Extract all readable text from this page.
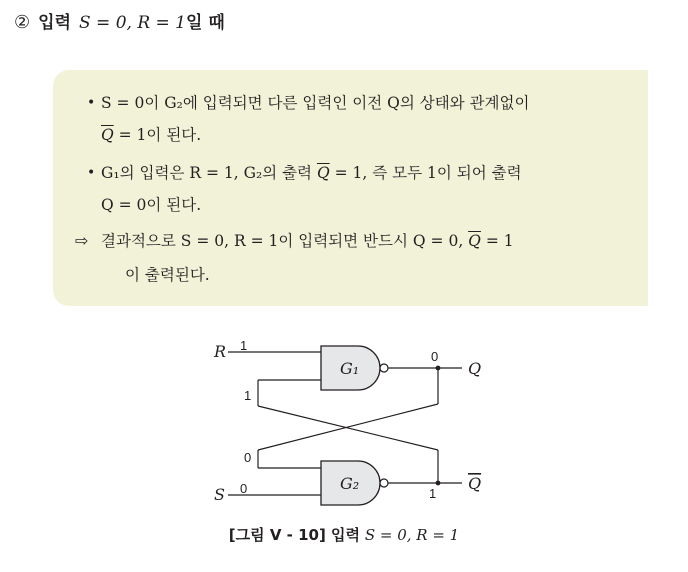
② 입력 S = 0, R = 1일 때
• S = 0이 G₂에 입력되면 다른 입력인 이전 Q의 상태와 관계없이
$\overline{Q} = 1$이 된다.
• G₁의 입력은 R = 1, G₂의 출력 $\overline{Q} = 1$, 즉 모두 1이 되어 출력
Q = 0이 된다.
⇨ 결과적으로 S = 0, R = 1이 입력되면 반드시 Q = 0, $\overline{Q} = 1$
이 출력된다.
R
S
G₁
G₂
Q
Q
1
0
0
1
1
0
[그림 Ⅴ - 10] 입력 S = 0, R = 1
